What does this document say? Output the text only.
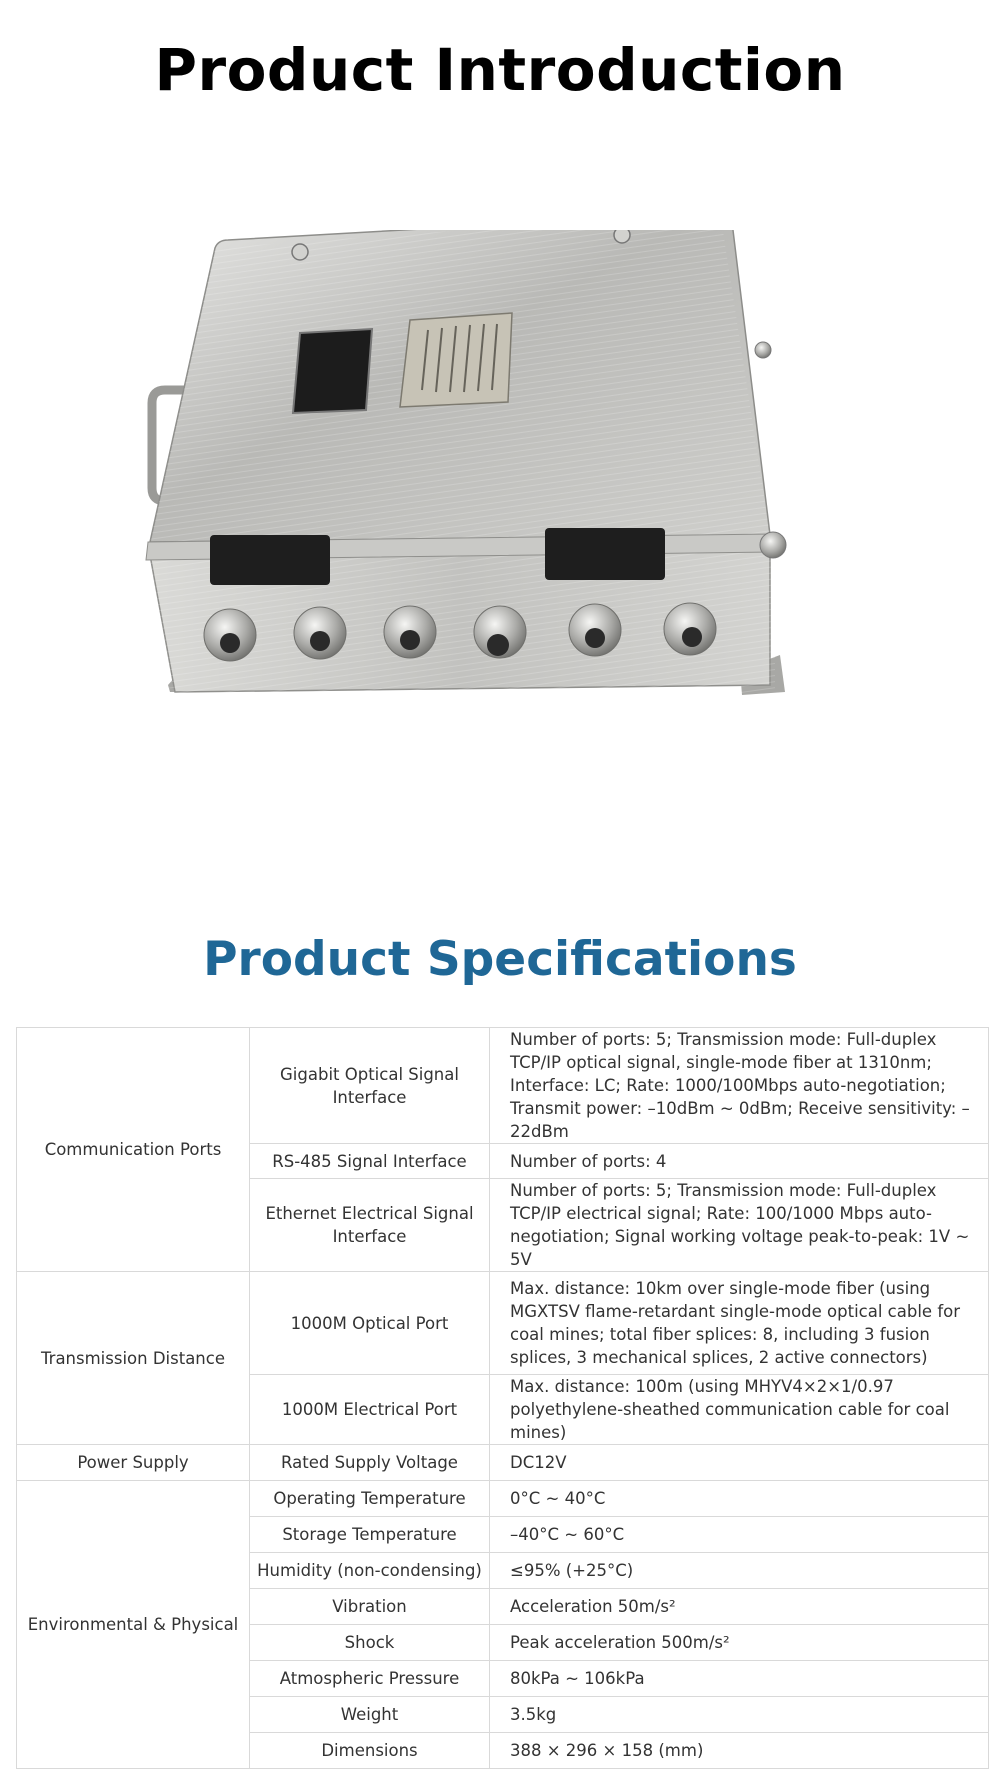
Product Introduction
Product Specifications
Communication Ports	Gigabit Optical Signal Interface	Number of ports: 5; Transmission mode: Full-duplex TCP/IP optical signal, single-mode fiber at 1310nm; Interface: LC; Rate: 1000/100Mbps auto-negotiation; Transmit power: –10dBm ~ 0dBm; Receive sensitivity: –22dBm
	RS-485 Signal Interface	Number of ports: 4
	Ethernet Electrical Signal Interface	Number of ports: 5; Transmission mode: Full-duplex TCP/IP electrical signal; Rate: 100/1000 Mbps auto-negotiation; Signal working voltage peak-to-peak: 1V ~ 5V
Transmission Distance	1000M Optical Port	Max. distance: 10km over single-mode fiber (using MGXTSV flame-retardant single-mode optical cable for coal mines; total fiber splices: 8, including 3 fusion splices, 3 mechanical splices, 2 active connectors)
	1000M Electrical Port	Max. distance: 100m (using MHYV4×2×1/0.97 polyethylene-sheathed communication cable for coal mines)
Power Supply	Rated Supply Voltage	DC12V
Environmental & Physical	Operating Temperature	0°C ~ 40°C
	Storage Temperature	–40°C ~ 60°C
	Humidity (non-condensing)	≤95% (+25°C)
	Vibration	Acceleration 50m/s²
	Shock	Peak acceleration 500m/s²
	Atmospheric Pressure	80kPa ~ 106kPa
	Weight	3.5kg
	Dimensions	388 × 296 × 158 (mm)
